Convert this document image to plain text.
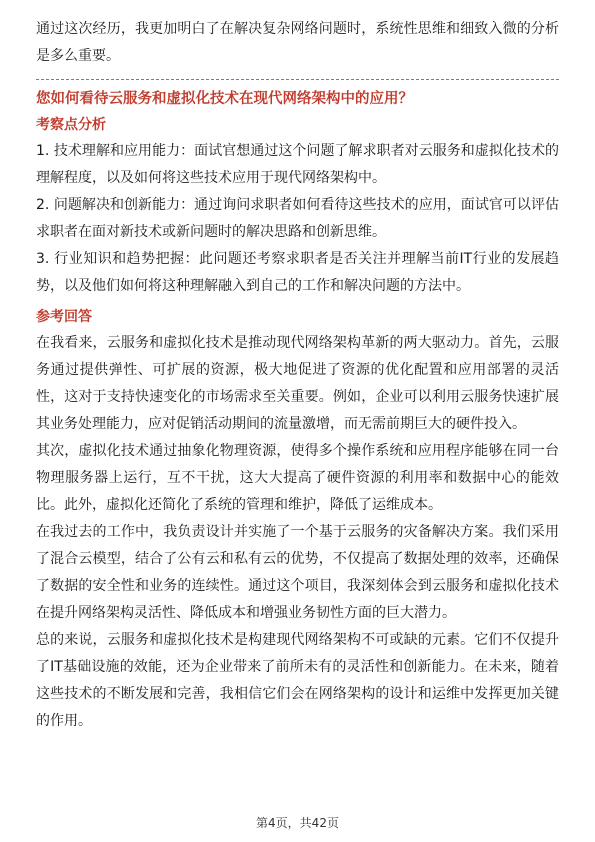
通过这次经历，我更加明白了在解决复杂网络问题时，系统性思维和细致入微的分析是多么重要。

您如何看待云服务和虚拟化技术在现代网络架构中的应用？
考察点分析

1. 技术理解和应用能力：面试官想通过这个问题了解求职者对云服务和虚拟化技术的理解程度，以及如何将这些技术应用于现代网络架构中。

2. 问题解决和创新能力：通过询问求职者如何看待这些技术的应用，面试官可以评估求职者在面对新技术或新问题时的解决思路和创新思维。

3. 行业知识和趋势把握：此问题还考察求职者是否关注并理解当前IT行业的发展趋势，以及他们如何将这种理解融入到自己的工作和解决问题的方法中。

参考回答

在我看来，云服务和虚拟化技术是推动现代网络架构革新的两大驱动力。首先，云服务通过提供弹性、可扩展的资源，极大地促进了资源的优化配置和应用部署的灵活性，这对于支持快速变化的市场需求至关重要。例如，企业可以利用云服务快速扩展其业务处理能力，应对促销活动期间的流量激增，而无需前期巨大的硬件投入。

其次，虚拟化技术通过抽象化物理资源，使得多个操作系统和应用程序能够在同一台物理服务器上运行，互不干扰，这大大提高了硬件资源的利用率和数据中心的能效比。此外，虚拟化还简化了系统的管理和维护，降低了运维成本。

在我过去的工作中，我负责设计并实施了一个基于云服务的灾备解决方案。我们采用了混合云模型，结合了公有云和私有云的优势，不仅提高了数据处理的效率，还确保了数据的安全性和业务的连续性。通过这个项目，我深刻体会到云服务和虚拟化技术在提升网络架构灵活性、降低成本和增强业务韧性方面的巨大潜力。

总的来说，云服务和虚拟化技术是构建现代网络架构不可或缺的元素。它们不仅提升了IT基础设施的效能，还为企业带来了前所未有的灵活性和创新能力。在未来，随着这些技术的不断发展和完善，我相信它们会在网络架构的设计和运维中发挥更加关键的作用。

第4页，共42页
